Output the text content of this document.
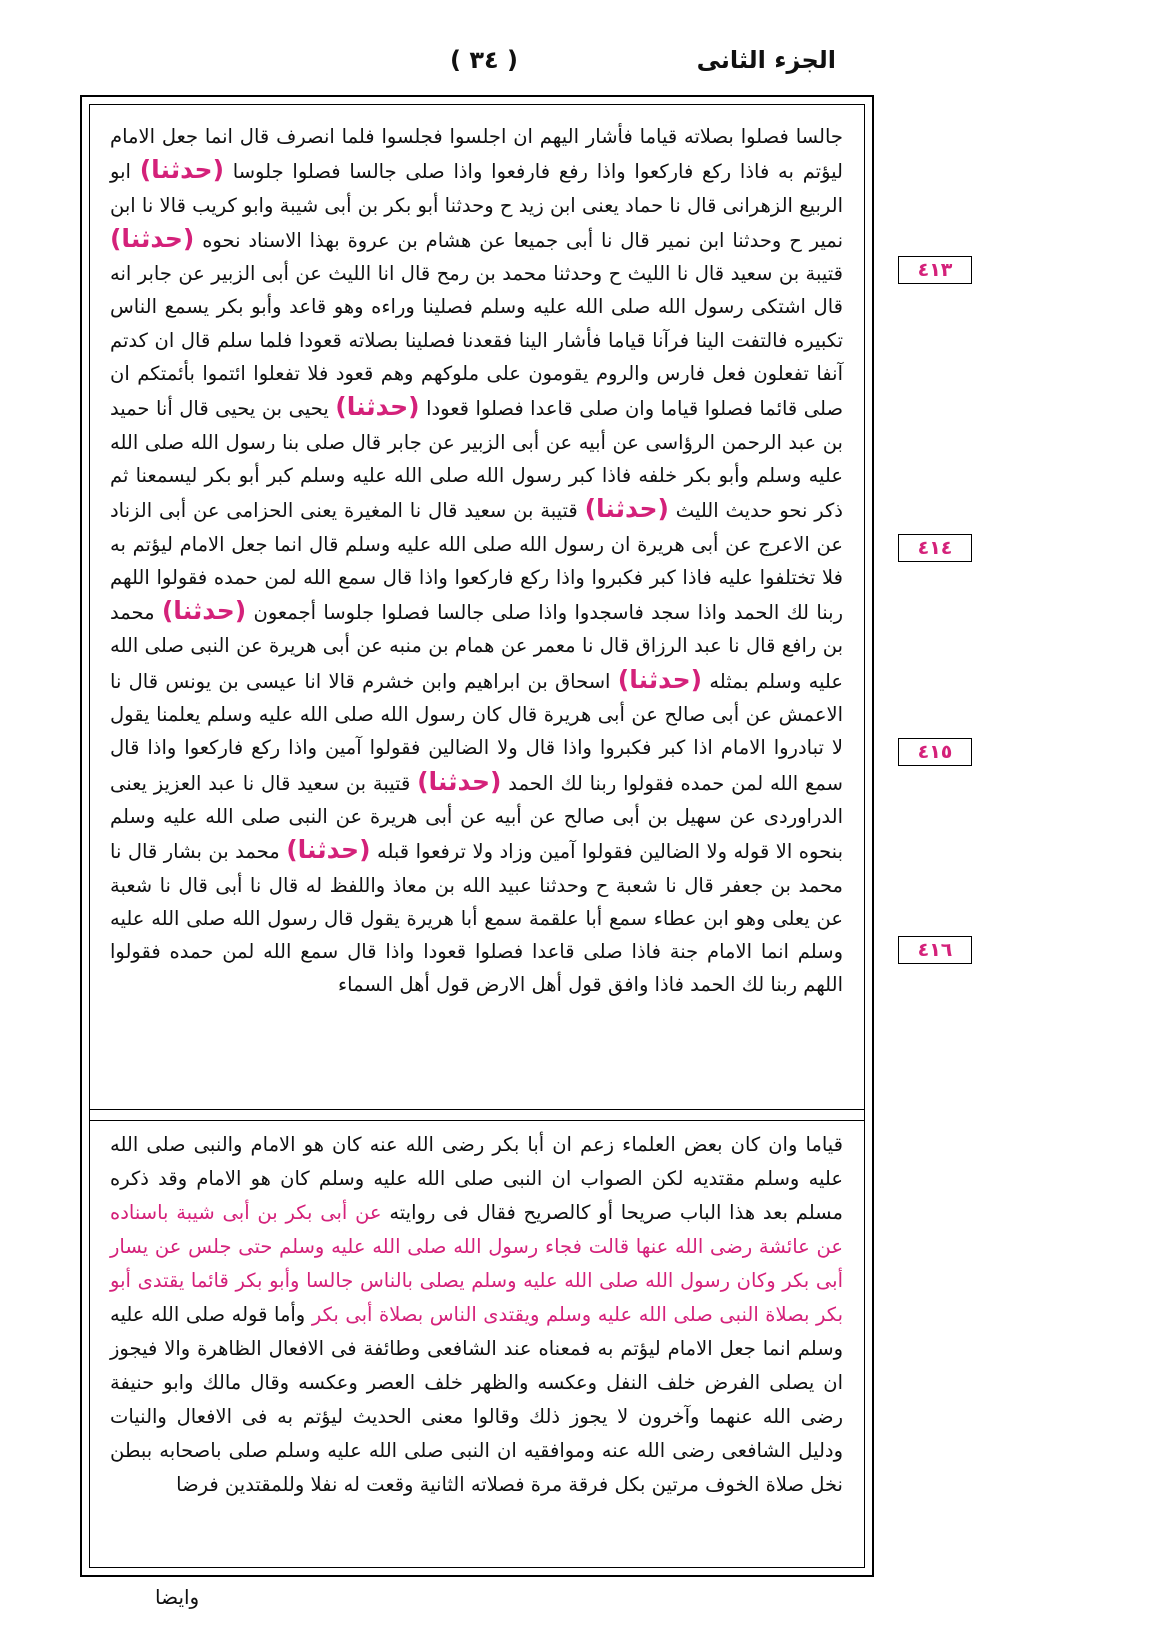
الجزء الثانى
( ٣٤ )
جالسا فصلوا بصلاته قياما فأشار اليهم ان اجلسوا فجلسوا فلما انصرف قال انما جعل الامام ليؤتم به فاذا ركع فاركعوا واذا رفع فارفعوا واذا صلى جالسا فصلوا جلوسا (حدثنا) ابو الربيع الزهرانى قال نا حماد يعنى ابن زيد ح وحدثنا أبو بكر بن أبى شيبة وابو كريب قالا نا ابن نمير ح وحدثنا ابن نمير قال نا أبى جميعا عن هشام بن عروة بهذا الاسناد نحوه (حدثنا) قتيبة بن سعيد قال نا الليث ح وحدثنا محمد بن رمح قال انا الليث عن أبى الزبير عن جابر انه قال اشتكى رسول الله صلى الله عليه وسلم فصلينا وراءه وهو قاعد وأبو بكر يسمع الناس تكبيره فالتفت الينا فرآنا قياما فأشار الينا فقعدنا فصلينا بصلاته قعودا فلما سلم قال ان كدتم آنفا تفعلون فعل فارس والروم يقومون على ملوكهم وهم قعود فلا تفعلوا ائتموا بأئمتكم ان صلى قائما فصلوا قياما وان صلى قاعدا فصلوا قعودا (حدثنا) يحيى بن يحيى قال أنا حميد بن عبد الرحمن الرؤاسى عن أبيه عن أبى الزبير عن جابر قال صلى بنا رسول الله صلى الله عليه وسلم وأبو بكر خلفه فاذا كبر رسول الله صلى الله عليه وسلم كبر أبو بكر ليسمعنا ثم ذكر نحو حديث الليث (حدثنا) قتيبة بن سعيد قال نا المغيرة يعنى الحزامى عن أبى الزناد عن الاعرج عن أبى هريرة ان رسول الله صلى الله عليه وسلم قال انما جعل الامام ليؤتم به فلا تختلفوا عليه فاذا كبر فكبروا واذا ركع فاركعوا واذا قال سمع الله لمن حمده فقولوا اللهم ربنا لك الحمد واذا سجد فاسجدوا واذا صلى جالسا فصلوا جلوسا أجمعون (حدثنا) محمد بن رافع قال نا عبد الرزاق قال نا معمر عن همام بن منبه عن أبى هريرة عن النبى صلى الله عليه وسلم بمثله (حدثنا) اسحاق بن ابراهيم وابن خشرم قالا انا عيسى بن يونس قال نا الاعمش عن أبى صالح عن أبى هريرة قال كان رسول الله صلى الله عليه وسلم يعلمنا يقول لا تبادروا الامام اذا كبر فكبروا واذا قال ولا الضالين فقولوا آمين واذا ركع فاركعوا واذا قال سمع الله لمن حمده فقولوا ربنا لك الحمد (حدثنا) قتيبة بن سعيد قال نا عبد العزيز يعنى الدراوردى عن سهيل بن أبى صالح عن أبيه عن أبى هريرة عن النبى صلى الله عليه وسلم بنحوه الا قوله ولا الضالين فقولوا آمين وزاد ولا ترفعوا قبله (حدثنا) محمد بن بشار قال نا محمد بن جعفر قال نا شعبة ح وحدثنا عبيد الله بن معاذ واللفظ له قال نا أبى قال نا شعبة عن يعلى وهو ابن عطاء سمع أبا علقمة سمع أبا هريرة يقول قال رسول الله صلى الله عليه وسلم انما الامام جنة فاذا صلى قاعدا فصلوا قعودا واذا قال سمع الله لمن حمده فقولوا اللهم ربنا لك الحمد فاذا وافق قول أهل الارض قول أهل السماء
٤١٣
٤١٤
٤١٥
٤١٦
قياما وان كان بعض العلماء زعم ان أبا بكر رضى الله عنه كان هو الامام والنبى صلى الله عليه وسلم مقتديه لكن الصواب ان النبى صلى الله عليه وسلم كان هو الامام وقد ذكره مسلم بعد هذا الباب صريحا أو كالصريح فقال فى روايته عن أبى بكر بن أبى شيبة باسناده عن عائشة رضى الله عنها قالت فجاء رسول الله صلى الله عليه وسلم حتى جلس عن يسار أبى بكر وكان رسول الله صلى الله عليه وسلم يصلى بالناس جالسا وأبو بكر قائما يقتدى أبو بكر بصلاة النبى صلى الله عليه وسلم ويقتدى الناس بصلاة أبى بكر وأما قوله صلى الله عليه وسلم انما جعل الامام ليؤتم به فمعناه عند الشافعى وطائفة فى الافعال الظاهرة والا فيجوز ان يصلى الفرض خلف النفل وعكسه والظهر خلف العصر وعكسه وقال مالك وابو حنيفة رضى الله عنهما وآخرون لا يجوز ذلك وقالوا معنى الحديث ليؤتم به فى الافعال والنيات ودليل الشافعى رضى الله عنه وموافقيه ان النبى صلى الله عليه وسلم صلى باصحابه ببطن نخل صلاة الخوف مرتين بكل فرقة مرة فصلاته الثانية وقعت له نفلا وللمقتدين فرضا
وايضا
